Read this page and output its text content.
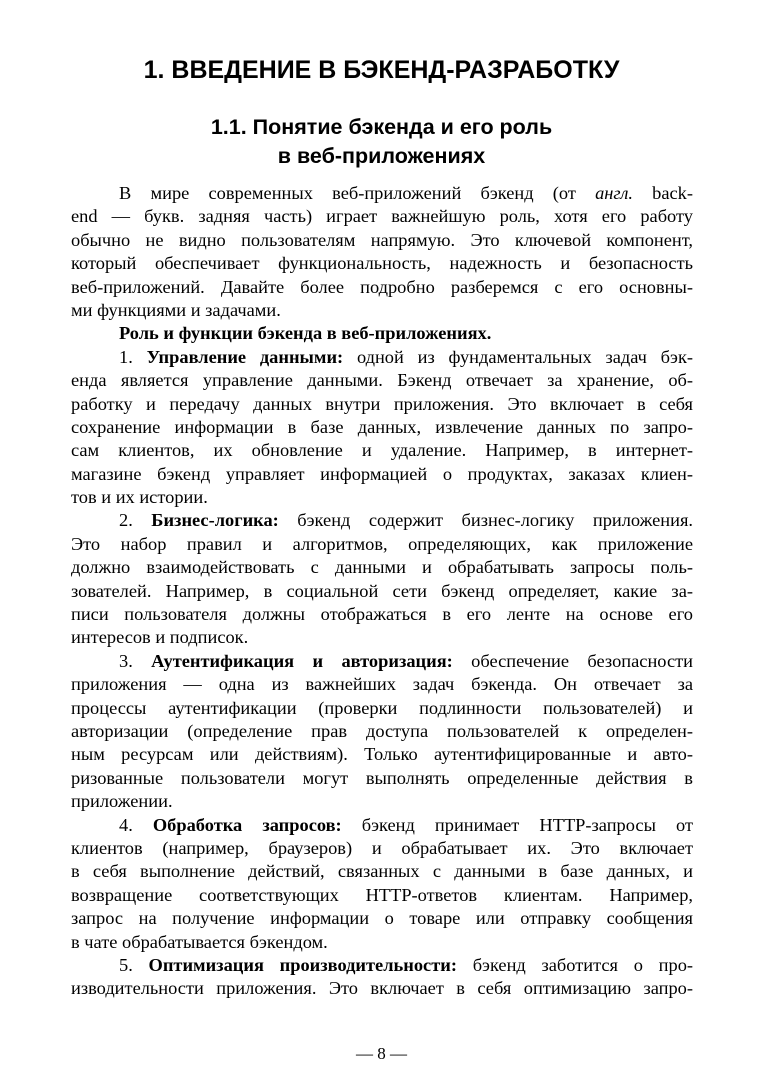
1. ВВЕДЕНИЕ В БЭКЕНД-РАЗРАБОТКУ
1.1. Понятие бэкенда и его роль
в веб-приложениях
В мире современных веб-приложений бэкенд (от англ. back-
end — букв. задняя часть) играет важнейшую роль, хотя его работу
обычно не видно пользователям напрямую. Это ключевой компонент,
который обеспечивает функциональность, надежность и безопасность
веб-приложений. Давайте более подробно разберемся с его основны-
ми функциями и задачами.
Роль и функции бэкенда в веб-приложениях.
1. Управление данными: одной из фундаментальных задач бэк-
енда является управление данными. Бэкенд отвечает за хранение, об-
работку и передачу данных внутри приложения. Это включает в себя
сохранение информации в базе данных, извлечение данных по запро-
сам клиентов, их обновление и удаление. Например, в интернет-
магазине бэкенд управляет информацией о продуктах, заказах клиен-
тов и их истории.
2. Бизнес-логика: бэкенд содержит бизнес-логику приложения.
Это набор правил и алгоритмов, определяющих, как приложение
должно взаимодействовать с данными и обрабатывать запросы поль-
зователей. Например, в социальной сети бэкенд определяет, какие за-
писи пользователя должны отображаться в его ленте на основе его
интересов и подписок.
3. Аутентификация и авторизация: обеспечение безопасности
приложения — одна из важнейших задач бэкенда. Он отвечает за
процессы аутентификации (проверки подлинности пользователей) и
авторизации (определение прав доступа пользователей к определен-
ным ресурсам или действиям). Только аутентифицированные и авто-
ризованные пользователи могут выполнять определенные действия в
приложении.
4. Обработка запросов: бэкенд принимает HTTP-запросы от
клиентов (например, браузеров) и обрабатывает их. Это включает
в себя выполнение действий, связанных с данными в базе данных, и
возвращение соответствующих HTTP-ответов клиентам. Например,
запрос на получение информации о товаре или отправку сообщения
в чате обрабатывается бэкендом.
5. Оптимизация производительности: бэкенд заботится о про-
изводительности приложения. Это включает в себя оптимизацию запро-
— 8 —
